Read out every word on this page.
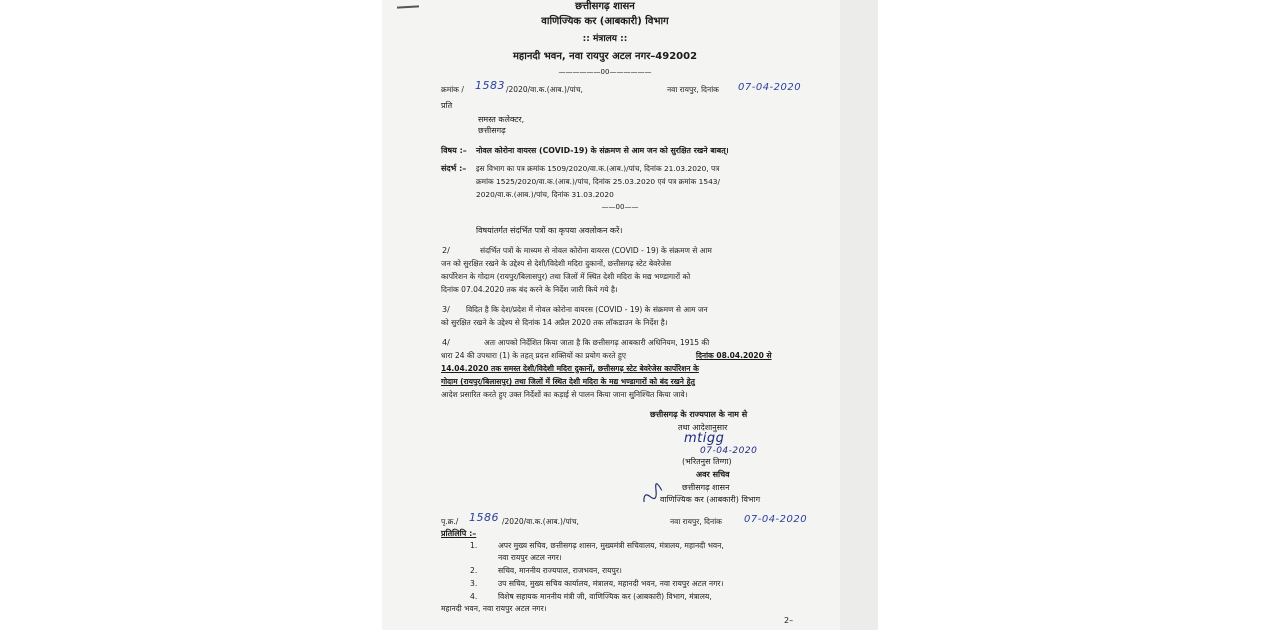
छत्तीसगढ़ शासन
वाणिज्यिक कर (आबकारी) विभाग
:: मंत्रालय ::
महानदी भवन, नवा रायपुर अटल नगर–492002
——————00——————
क्रमांक / 1583 /2020/वा.क.(आब.)/पांच,	नवा रायपुर, दिनांक 07-04-2020
प्रति
समस्त कलेक्टर,
छत्तीसगढ़
विषय :– नोवल कोरोना वायरस (COVID-19) के संक्रमण से आम जन को सुरक्षित रखने बाबत्।
संदर्भ :– इस विभाग का पत्र क्रमांक 1509/2020/वा.क.(आब.)/पांच, दिनांक 21.03.2020, पत्र
क्रमांक 1525/2020/वा.क.(आब.)/पांच, दिनांक 25.03.2020 एवं पत्र क्रमांक 1543/
2020/वा.क.(आब.)/पांच, दिनांक 31.03.2020
——00——
विषयांतर्गत संदर्भित पत्रों का कृपया अवलोकन करें।
2/	संदर्भित पत्रों के माध्यम से नोवल कोरोना वायरस (COVID - 19) के संक्रमण से आम
जन को सुरक्षित रखने के उद्देश्य से देशी/विदेशी मदिरा दुकानों, छत्तीसगढ़ स्टेट बेवरेजेस
कार्पोरेशन के गोदाम (रायपुर/बिलासपुर) तथा जिलों में स्थित देशी मदिरा के मद्य भण्डागारों को
दिनांक 07.04.2020 तक बंद करने के निर्देश जारी किये गये है।
3/ विदित है कि देश/प्रदेश में नोवल कोरोना वायरस (COVID - 19) के संक्रमण से आम जन
को सुरक्षित रखने के उद्देश्य से दिनांक 14 अप्रैल 2020 तक लॉकडाउन के निर्देश है।
4/	अतः आपको निर्देशित किया जाता है कि छत्तीसगढ़ आबकारी अधिनियम, 1915 की
धारा 24 की उपधारा (1) के तहत् प्रदत्त शक्तियों का प्रयोग करते हुए	दिनांक 08.04.2020 से
14.04.2020 तक समस्त देशी/विदेशी मदिरा दुकानों, छत्तीसगढ़ स्टेट बेवरेजेस कार्पोरेशन के
गोदाम (रायपुर/बिलासपुर) तथा जिलों में स्थित देशी मदिरा के मद्य भण्डागारों को बंद रखने हेतु
आदेश प्रसारित करते हुए उक्त निर्देशों का कड़ाई से पालन किया जाना सुनिश्चित किया जावे।
छत्तीसगढ़ के राज्यपाल के नाम से
तथा आदेशानुसार
mtigg
07-04-2020
(भरितनुस तिग्गा)
अवर सचिव
छत्तीसगढ़ शासन
वाणिज्यिक कर (आबकारी) विभाग
पृ.क्र./ 1586 /2020/वा.क.(आब.)/पांच,	नवा रायपुर, दिनांक 07-04-2020
प्रतिलिपि :–
1.	अपर मुख्य सचिव, छत्तीसगढ़ शासन, मुख्यमंत्री सचिवालय, मंत्रालय, महानदी भवन,
नवा रायपुर अटल नगर।
2.	सचिव, माननीय राज्यपाल, राजभवन, रायपुर।
3.	उप सचिव, मुख्य सचिव कार्यालय, मंत्रालय, महानदी भवन, नवा रायपुर अटल नगर।
4.	विशेष सहायक माननीय मंत्री जी, वाणिज्यिक कर (आबकारी) विभाग, मंत्रालय,
महानदी भवन, नवा रायपुर अटल नगर।
2–
